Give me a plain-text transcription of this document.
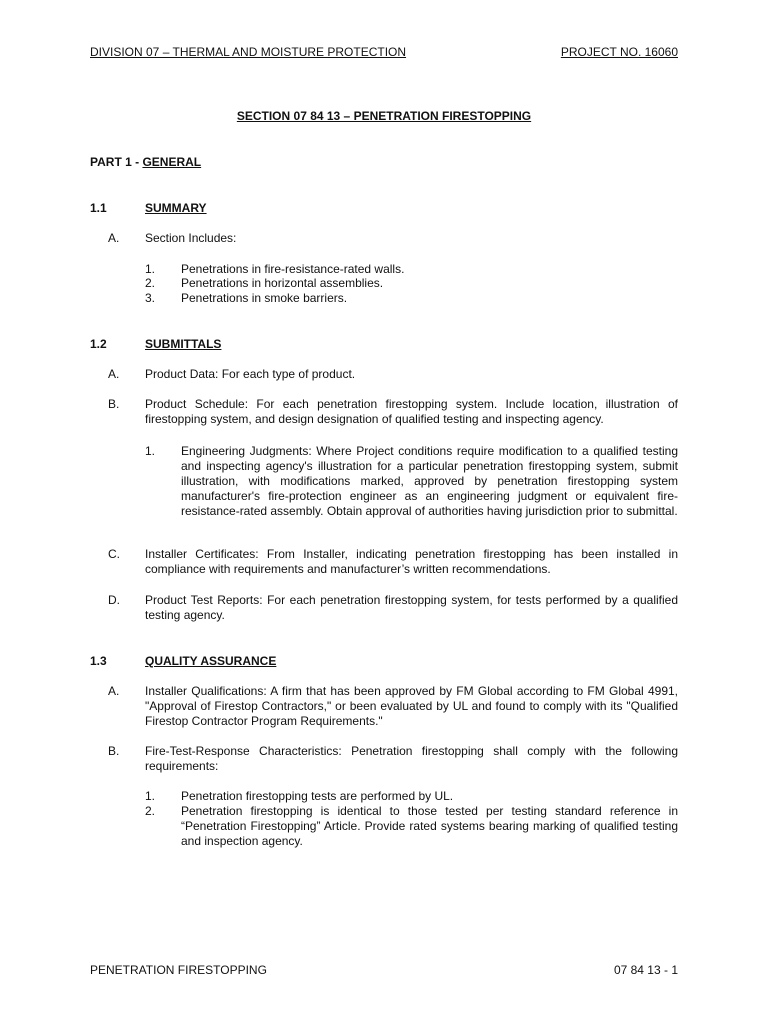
DIVISION 07 – THERMAL AND MOISTURE PROTECTION	PROJECT NO. 16060
SECTION 07 84 13 – PENETRATION FIRESTOPPING
PART 1 - GENERAL
1.1	SUMMARY
A. Section Includes:
1. Penetrations in fire-resistance-rated walls.
2. Penetrations in horizontal assemblies.
3. Penetrations in smoke barriers.
1.2	SUBMITTALS
A. Product Data: For each type of product.
B. Product Schedule: For each penetration firestopping system. Include location, illustration of firestopping system, and design designation of qualified testing and inspecting agency.
1. Engineering Judgments: Where Project conditions require modification to a qualified testing and inspecting agency's illustration for a particular penetration firestopping system, submit illustration, with modifications marked, approved by penetration firestopping system manufacturer's fire-protection engineer as an engineering judgment or equivalent fire-resistance-rated assembly. Obtain approval of authorities having jurisdiction prior to submittal.
C. Installer Certificates: From Installer, indicating penetration firestopping has been installed in compliance with requirements and manufacturer’s written recommendations.
D. Product Test Reports: For each penetration firestopping system, for tests performed by a qualified testing agency.
1.3	QUALITY ASSURANCE
A. Installer Qualifications: A firm that has been approved by FM Global according to FM Global 4991, "Approval of Firestop Contractors," or been evaluated by UL and found to comply with its "Qualified Firestop Contractor Program Requirements."
B. Fire-Test-Response Characteristics: Penetration firestopping shall comply with the following requirements:
1. Penetration firestopping tests are performed by UL.
2. Penetration firestopping is identical to those tested per testing standard reference in “Penetration Firestopping” Article. Provide rated systems bearing marking of qualified testing and inspection agency.
PENETRATION FIRESTOPPING	07 84 13 - 1
